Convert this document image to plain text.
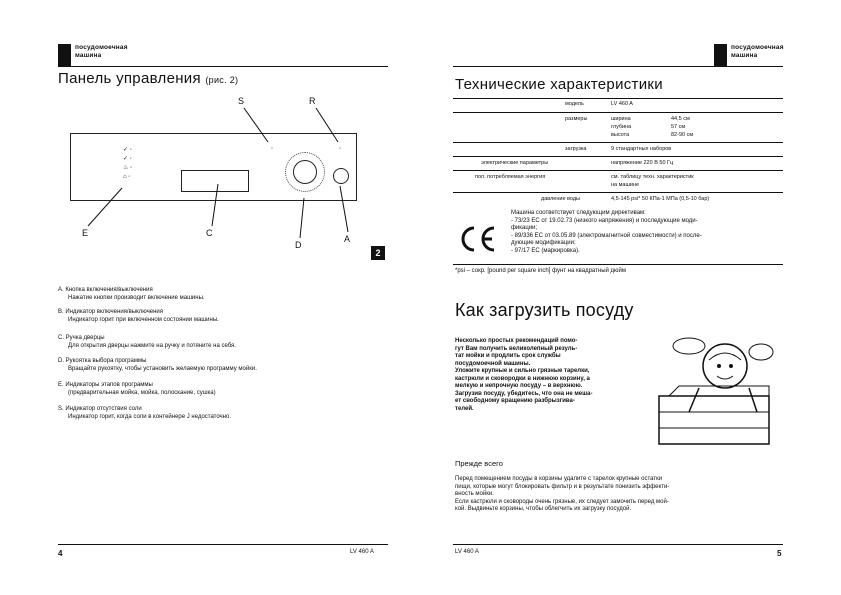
посудомоечная
машина
Панель управления (рис. 2)
✓ ◦
✓ ◦
♨ ◦
⌂ ◦
◦	◦
S	R
E	C
D
A
2
A. Кнопка включения/выключения
Нажатие кнопки производит включение машины.
B. Индикатор включения/выключения
Индикатор горит при включенном состоянии машины.
C. Ручка дверцы
Для открытия дверцы нажмите на ручку и потяните на себя.
D. Рукоятка выбора программы
Вращайте рукоятку, чтобы установить желаемую программу мойки.
E. Индикаторы этапов программы
(предварительная мойка, мойка, полоскание, сушка)
S. Индикатор отсутствия соли
Индикатор горит, когда соли в контейнере J недостаточно.
4	LV 460 A
посудомоечная
машина
Технические характеристики
модель	LV 460 A
размеры	ширина	44,5 см
глубина	57 см
высота	82-90 см
загрузка	9 стандартных наборов
электрические параметры	напряжение 220 В 50 Гц
пол. потребляемая энергия	см. таблицу техн. характеристик
на машине
давление воды	4,5-145 psi* 50 КПа-1 МПа (0,5-10 бар)
Машина соответствует следующим директивам:
- 73/23 ЕС от 19.02.73 (низкого напряжения) и последующие моди-
фикации;
- 89/336 ЕС от 03.05.89 (электромагнитной совместимости) и после-
дующие модификации;
- 97/17 ЕС (маркировка).
*psi – сокр. [pound per square inch] фунт на квадратный дюйм
Как загрузить посуду
Несколько простых рекомендаций помо-
гут Вам получить великолепный резуль-
тат мойки и продлить срок службы
посудомоечной машины.
Уложите крупные и сильно грязные тарелки,
кастрюли и сковородки в нижнюю корзину, а
мелкую и непрочную посуду – в верхнюю.
Загрузив посуду, убедитесь, что она не меша-
ет свободному вращению разбрызгива-
телей.
Прежде всего
Перед помещением посуды в корзины удалите с тарелок крупные остатки
пищи, которые могут блокировать фильтр и в результате понизить эффекти-
вность мойки.
Если кастрюли и сковороды очень грязные, их следует замочить перед мой-
кой. Выдвиньте корзины, чтобы облегчить их загрузку посудой.
LV 460 A	5
